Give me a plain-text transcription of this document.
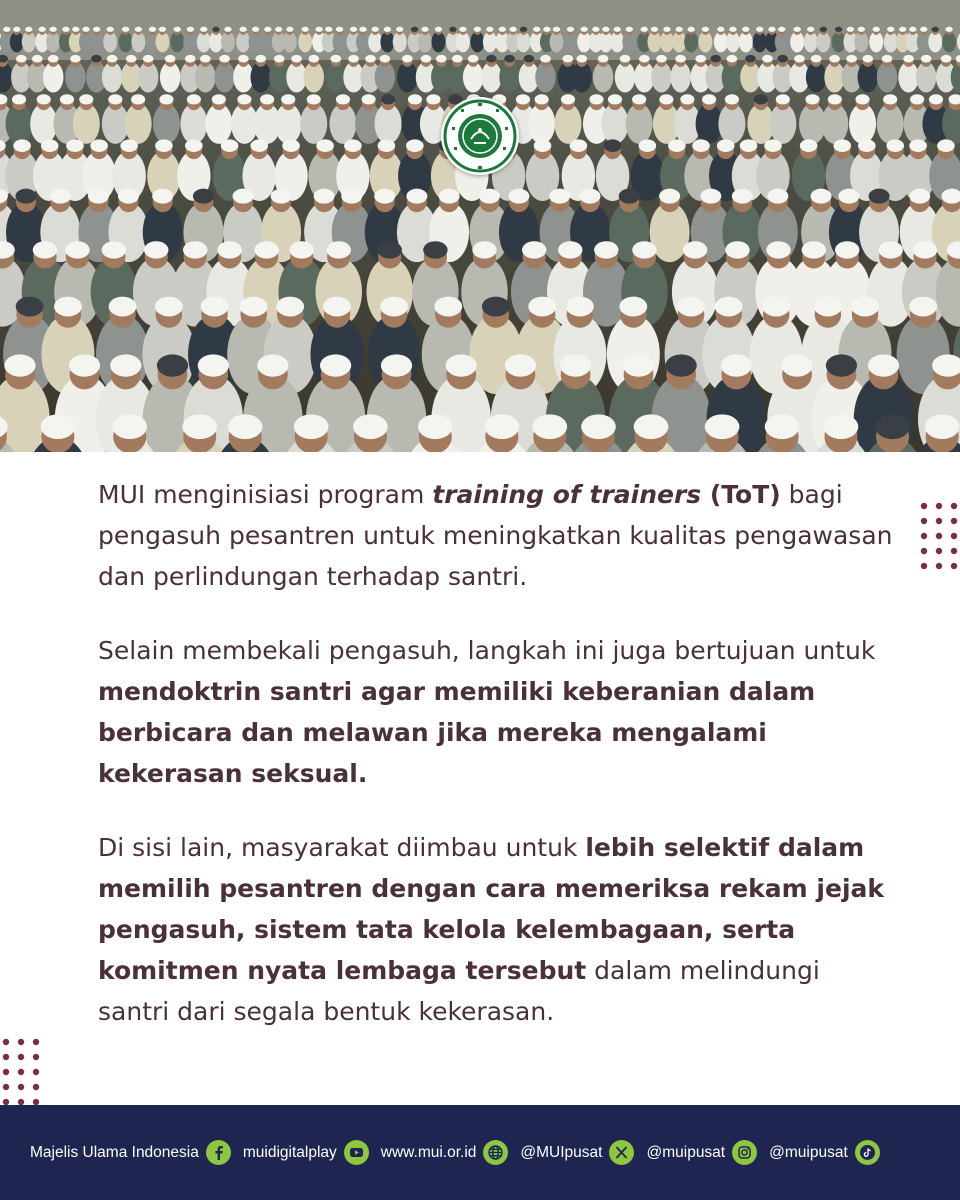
MUI menginisiasi program training of trainers (ToT) bagi pengasuh pesantren untuk meningkatkan kualitas pengawasan dan perlindungan terhadap santri.

Selain membekali pengasuh, langkah ini juga bertujuan untuk mendoktrin santri agar memiliki keberanian dalam berbicara dan melawan jika mereka mengalami kekerasan seksual.

Di sisi lain, masyarakat diimbau untuk lebih selektif dalam memilih pesantren dengan cara memeriksa rekam jejak pengasuh, sistem tata kelola kelembagaan, serta komitmen nyata lembaga tersebut dalam melindungi santri dari segala bentuk kekerasan.

Majelis Ulama Indonesia	muidigitalplay	www.mui.or.id	@MUIpusat	@muipusat	@muipusat
